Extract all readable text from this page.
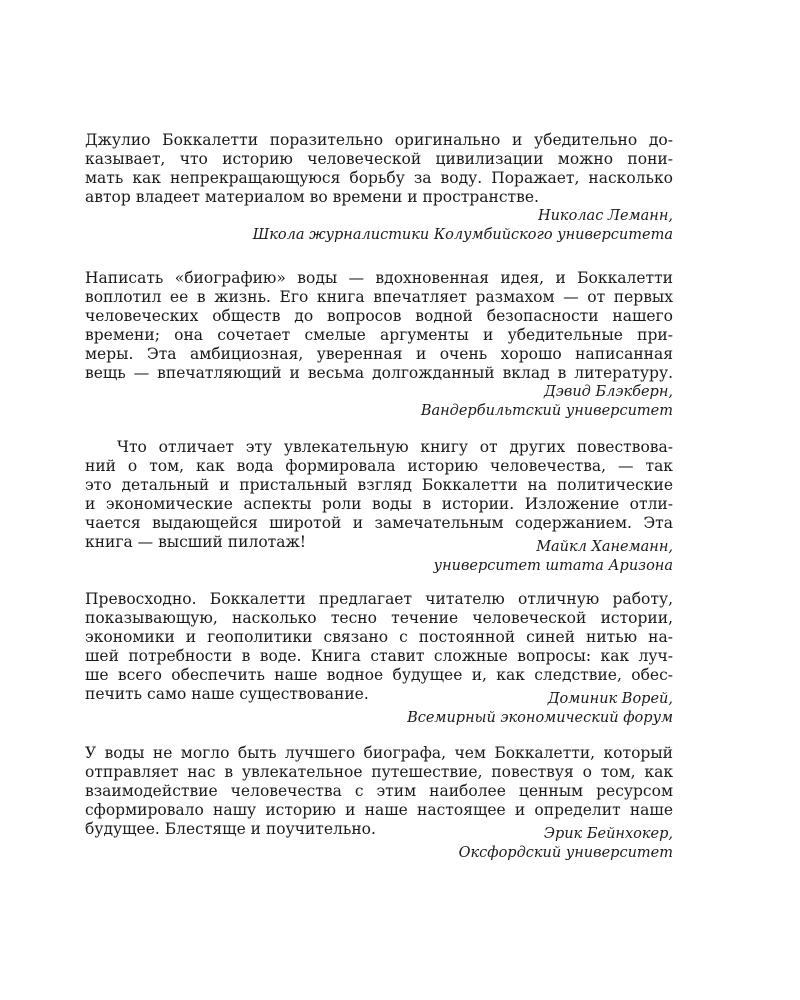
Джулио Боккалетти поразительно оригинально и убедительно до-
казывает, что историю человеческой цивилизации можно пони-
мать как непрекращающуюся борьбу за воду. Поражает, насколько
автор владеет материалом во времени и пространстве.
Николас Леманн,
Школа журналистики Колумбийского университета
Написать «биографию» воды — вдохновенная идея, и Боккалетти
воплотил ее в жизнь. Его книга впечатляет размахом — от первых
человеческих обществ до вопросов водной безопасности нашего
времени; она сочетает смелые аргументы и убедительные при-
меры. Эта амбициозная, уверенная и очень хорошо написанная
вещь — впечатляющий и весьма долгожданный вклад в литературу.
Дэвид Блэкберн,
Вандербильтский университет
Что отличает эту увлекательную книгу от других повествова-
ний о том, как вода формировала историю человечества, — так
это детальный и пристальный взгляд Боккалетти на политические
и экономические аспекты роли воды в истории. Изложение отли-
чается выдающейся широтой и замечательным содержанием. Эта
книга — высший пилотаж!	Майкл Ханеманн,
университет штата Аризона
Превосходно. Боккалетти предлагает читателю отличную работу,
показывающую, насколько тесно течение человеческой истории,
экономики и геополитики связано с постоянной синей нитью на-
шей потребности в воде. Книга ставит сложные вопросы: как луч-
ше всего обеспечить наше водное будущее и, как следствие, обес-
печить само наше существование.	Доминик Ворей,
Всемирный экономический форум
У воды не могло быть лучшего биографа, чем Боккалетти, который
отправляет нас в увлекательное путешествие, повествуя о том, как
взаимодействие человечества с этим наиболее ценным ресурсом
сформировало нашу историю и наше настоящее и определит наше
будущее. Блестяще и поучительно.	Эрик Бейнхокер,
Оксфордский университет
